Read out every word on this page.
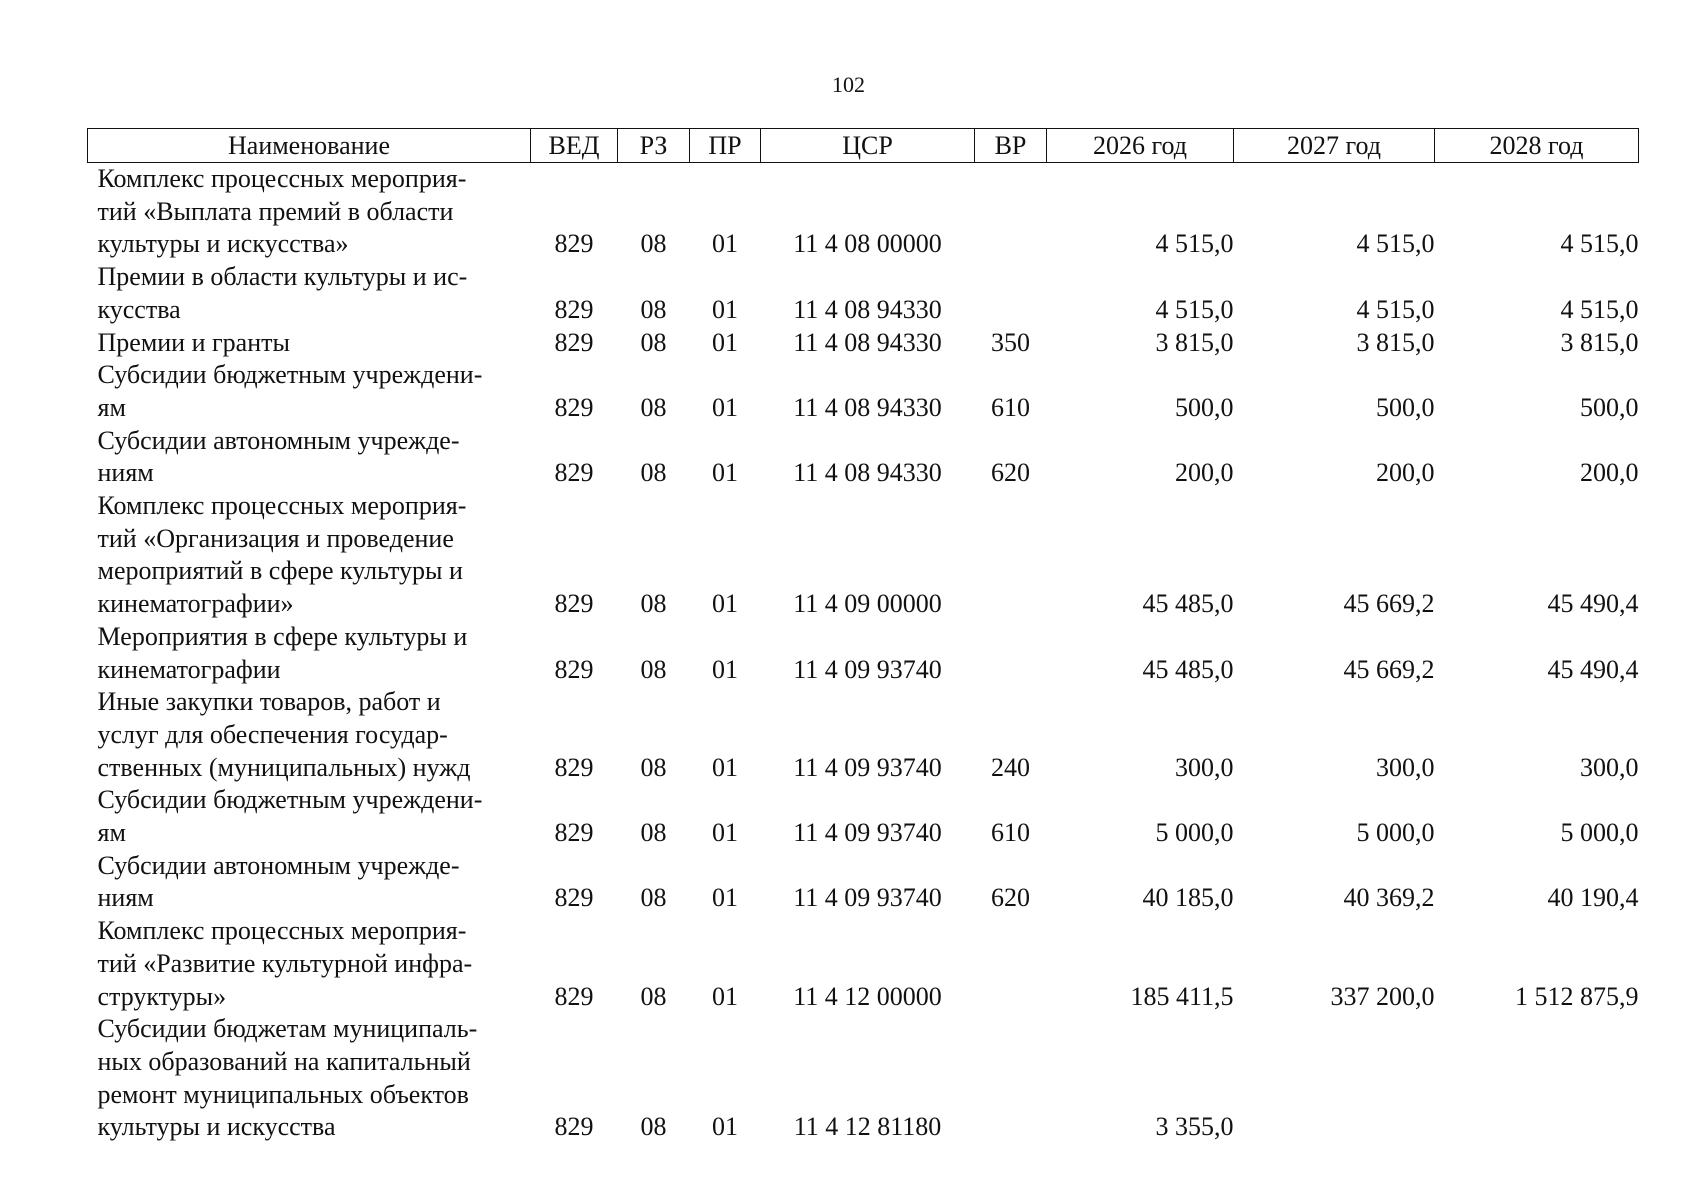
102
Наименование	ВЕД	РЗ	ПР	ЦСР	ВР	2026 год	2027 год	2028 год

Комплекс процессных мероприя-
тий «Выплата премий в области
культуры и искусства»	829	08	01	11 4 08 00000		4 515,0	4 515,0	4 515,0

Премии в области культуры и ис-
кусства	829	08	01	11 4 08 94330		4 515,0	4 515,0	4 515,0

Премии и гранты	829	08	01	11 4 08 94330	350	3 815,0	3 815,0	3 815,0

Субсидии бюджетным учреждени-
ям	829	08	01	11 4 08 94330	610	500,0	500,0	500,0

Субсидии автономным учрежде-
ниям	829	08	01	11 4 08 94330	620	200,0	200,0	200,0

Комплекс процессных мероприя-
тий «Организация и проведение
мероприятий в сфере культуры и
кинематографии»	829	08	01	11 4 09 00000		45 485,0	45 669,2	45 490,4

Мероприятия в сфере культуры и
кинематографии	829	08	01	11 4 09 93740		45 485,0	45 669,2	45 490,4

Иные закупки товаров, работ и
услуг для обеспечения государ-
ственных (муниципальных) нужд	829	08	01	11 4 09 93740	240	300,0	300,0	300,0

Субсидии бюджетным учреждени-
ям	829	08	01	11 4 09 93740	610	5 000,0	5 000,0	5 000,0

Субсидии автономным учрежде-
ниям	829	08	01	11 4 09 93740	620	40 185,0	40 369,2	40 190,4

Комплекс процессных мероприя-
тий «Развитие культурной инфра-
структуры»	829	08	01	11 4 12 00000		185 411,5	337 200,0	1 512 875,9

Субсидии бюджетам муниципаль-
ных образований на капитальный
ремонт муниципальных объектов
культуры и искусства	829	08	01	11 4 12 81180		3 355,0		
